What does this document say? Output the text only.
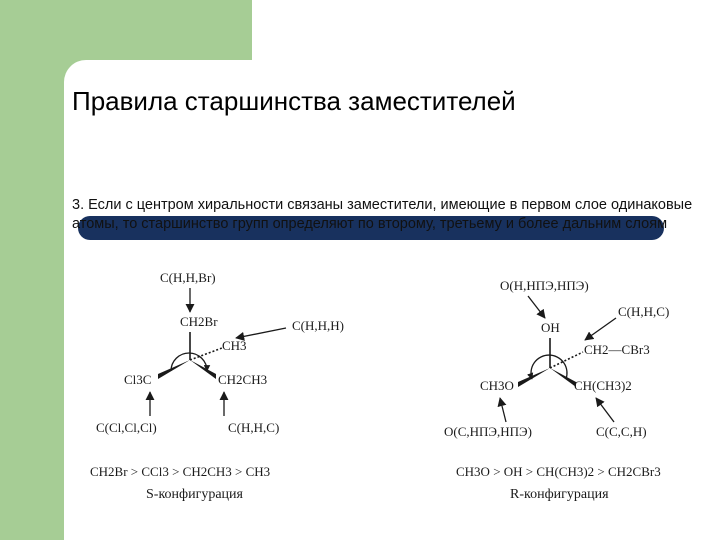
Правила старшинства заместителей
3. Если с центром хиральности связаны заместители, имеющие в первом слое одинаковые атомы, то старшинство групп определяют по второму, третьему и более дальним слоям
C(H,H,Br)
CH2Br	C(H,H,H)
CH3
Cl3C	CH2CH3
C(Cl,Cl,Cl)	C(H,H,C)
CH2Br > CCl3 > CH2CH3 > CH3
S-конфигурация
O(H,НПЭ,НПЭ)
OH
C(H,H,C)
CH2—CBr3
CH3O	CH(CH3)2
O(C,НПЭ,НПЭ)	C(C,C,H)
CH3O > OH > CH(CH3)2 > CH2CBr3
R-конфигурация
